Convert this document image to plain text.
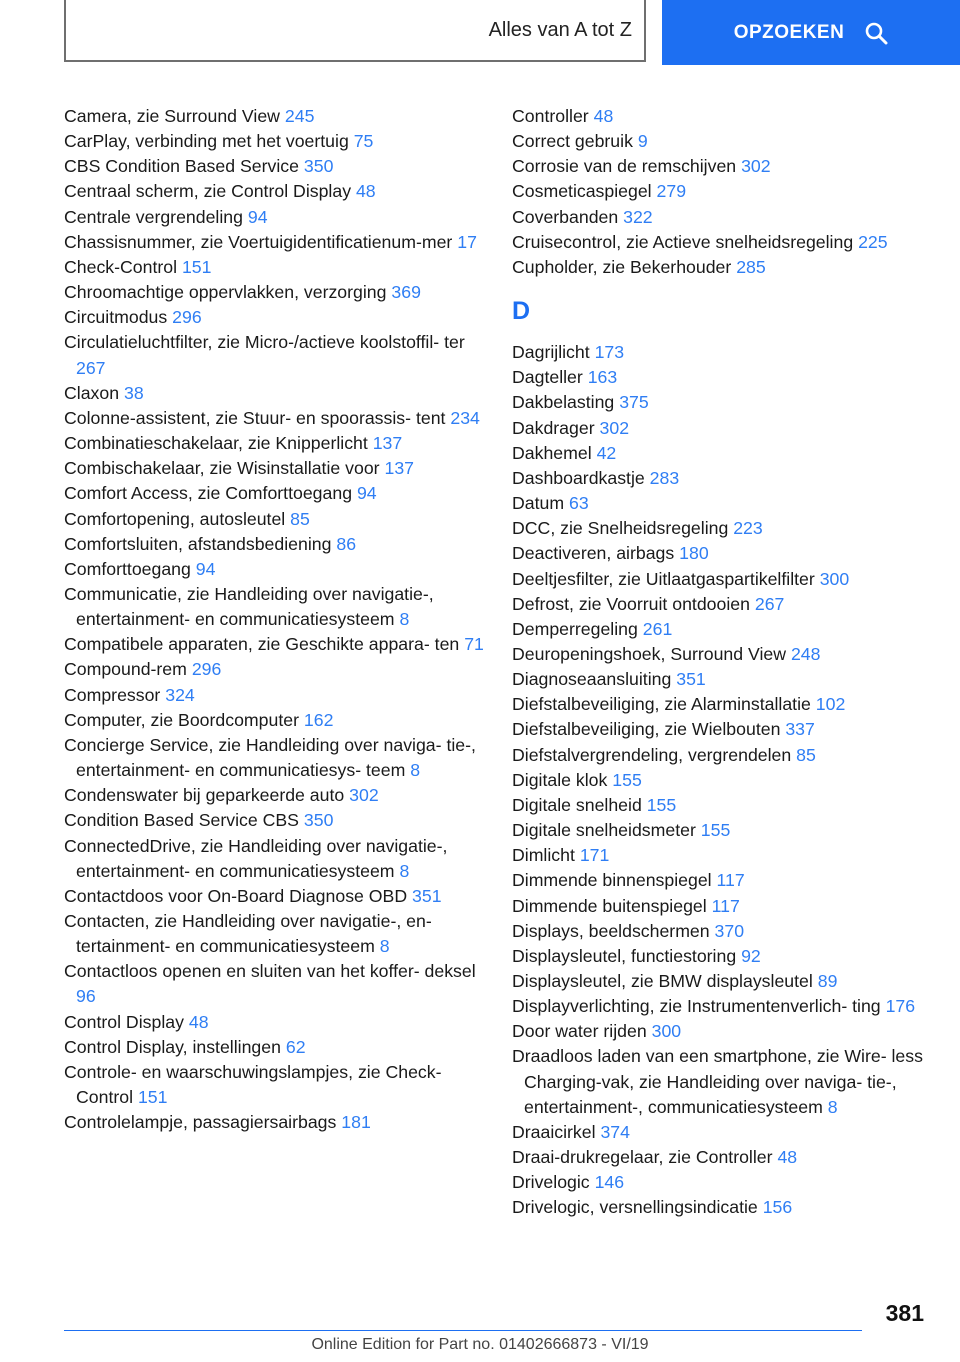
Alles van A tot Z	OPZOEKEN
Camera, zie Surround View 245
CarPlay, verbinding met het voertuig 75
CBS Condition Based Service 350
Centraal scherm, zie Control Display 48
Centrale vergrendeling 94
Chassisnummer, zie Voertuigidentificatienum‐mer 17
Check-Control 151
Chroomachtige oppervlakken, verzorging 369
Circuitmodus 296
Circulatieluchtfilter, zie Micro-/actieve koolstoffil‐ ter 267
Claxon 38
Colonne-assistent, zie Stuur- en spoorassis‐ tent 234
Combinatieschakelaar, zie Knipperlicht 137
Combischakelaar, zie Wisinstallatie voor 137
Comfort Access, zie Comforttoegang 94
Comfortopening, autosleutel 85
Comfortsluiten, afstandsbediening 86
Comforttoegang 94
Communicatie, zie Handleiding over navigatie-, entertainment- en communicatiesysteem 8
Compatibele apparaten, zie Geschikte appara‐ ten 71
Compound-rem 296
Compressor 324
Computer, zie Boordcomputer 162
Concierge Service, zie Handleiding over naviga‐ tie-, entertainment- en communicatiesys‐ teem 8
Condenswater bij geparkeerde auto 302
Condition Based Service CBS 350
ConnectedDrive, zie Handleiding over navigatie-, entertainment- en communicatiesysteem 8
Contactdoos voor On-Board Diagnose OBD 351
Contacten, zie Handleiding over navigatie-, en‐ tertainment- en communicatiesysteem 8
Contactloos openen en sluiten van het koffer‐ deksel 96
Control Display 48
Control Display, instellingen 62
Controle- en waarschuwingslampjes, zie Check- Control 151
Controlelampje, passagiersairbags 181
Controller 48
Correct gebruik 9
Corrosie van de remschijven 302
Cosmeticaspiegel 279
Coverbanden 322
Cruisecontrol, zie Actieve snelheidsregeling 225
Cupholder, zie Bekerhouder 285
D
Dagrijlicht 173
Dagteller 163
Dakbelasting 375
Dakdrager 302
Dakhemel 42
Dashboardkastje 283
Datum 63
DCC, zie Snelheidsregeling 223
Deactiveren, airbags 180
Deeltjesfilter, zie Uitlaatgaspartikelfilter 300
Defrost, zie Voorruit ontdooien 267
Demperregeling 261
Deuropeningshoek, Surround View 248
Diagnoseaansluiting 351
Diefstalbeveiliging, zie Alarminstallatie 102
Diefstalbeveiliging, zie Wielbouten 337
Diefstalvergrendeling, vergrendelen 85
Digitale klok 155
Digitale snelheid 155
Digitale snelheidsmeter 155
Dimlicht 171
Dimmende binnenspiegel 117
Dimmende buitenspiegel 117
Displays, beeldschermen 370
Displaysleutel, functiestoring 92
Displaysleutel, zie BMW displaysleutel 89
Displayverlichting, zie Instrumentenverlich‐ ting 176
Door water rijden 300
Draadloos laden van een smartphone, zie Wire‐ less Charging-vak, zie Handleiding over naviga‐ tie-, entertainment-, communicatiesysteem 8
Draaicirkel 374
Draai-drukregelaar, zie Controller 48
Drivelogic 146
Drivelogic, versnellingsindicatie 156
381
Online Edition for Part no. 01402666873 - VI/19
